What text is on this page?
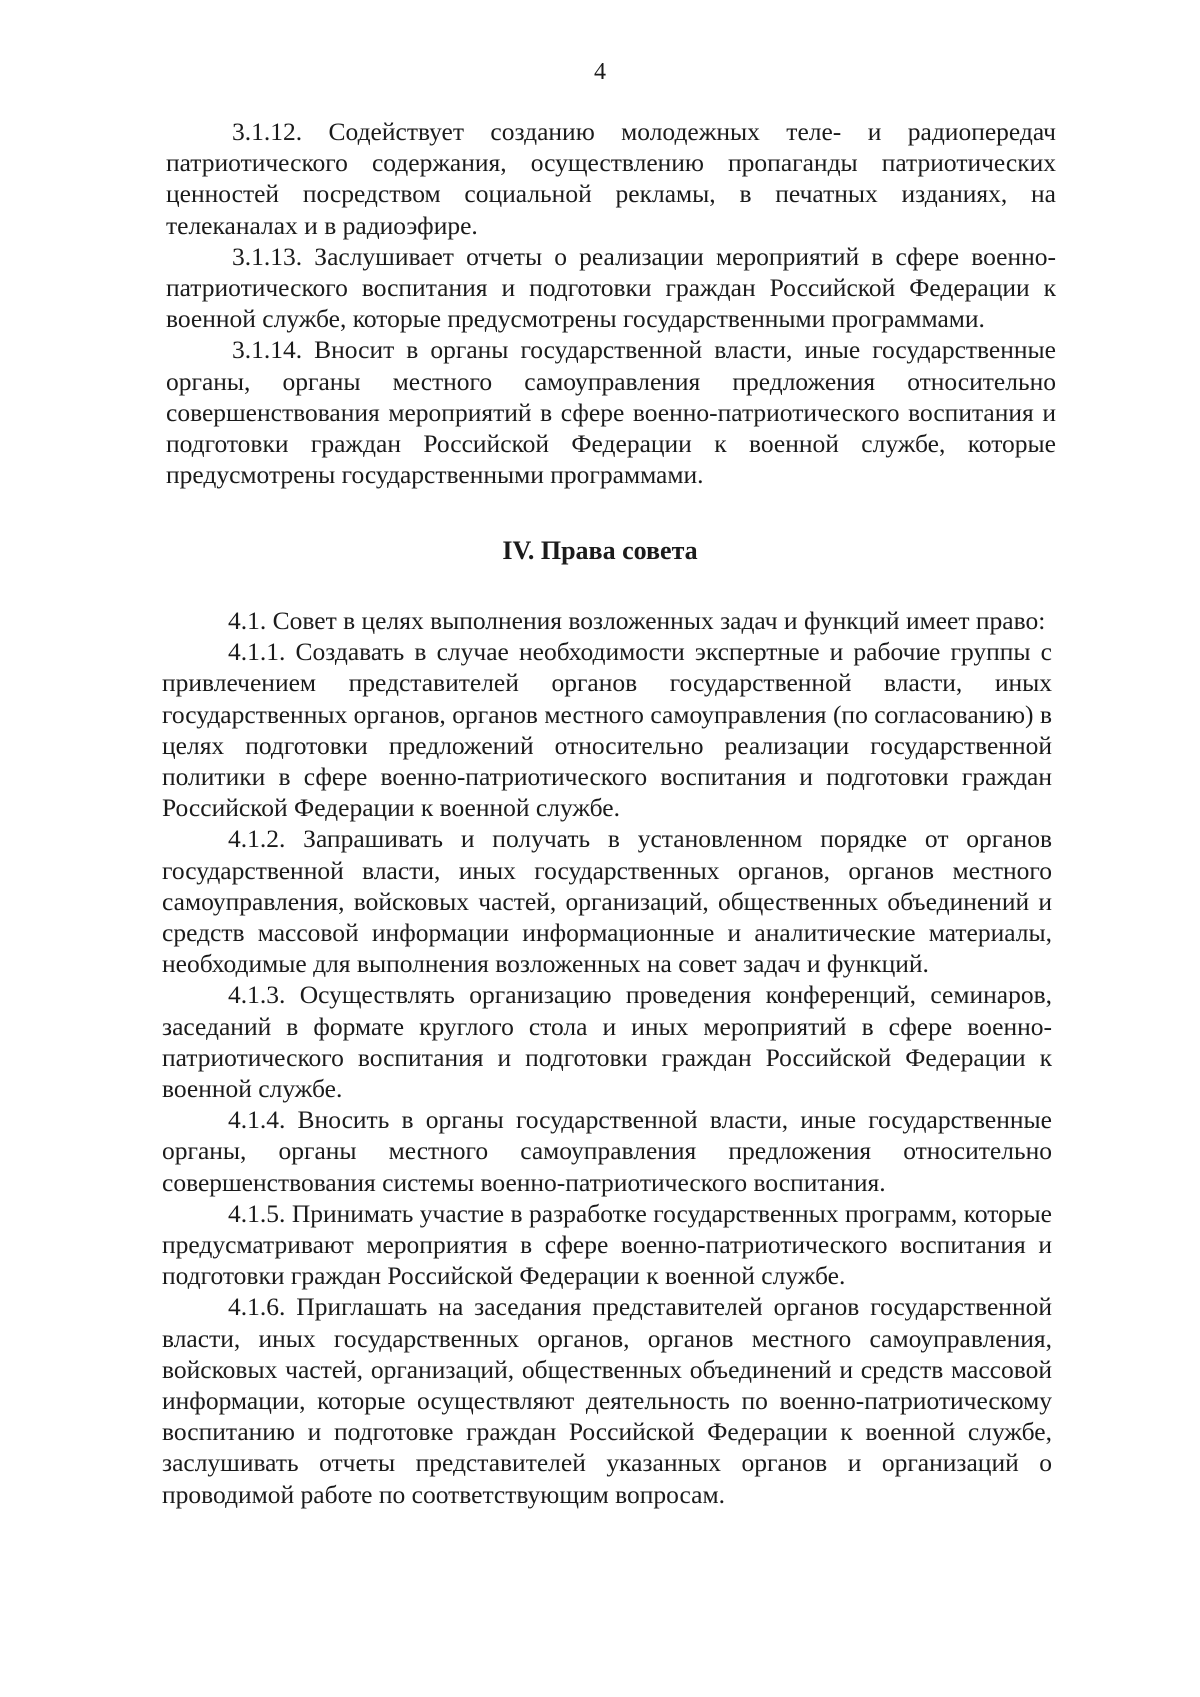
4

3.1.12. Содействует созданию молодежных теле- и радиопередач патриотического содержания, осуществлению пропаганды патриотических ценностей посредством социальной рекламы, в печатных изданиях, на телеканалах и в радиоэфире.

3.1.13. Заслушивает отчеты о реализации мероприятий в сфере военно-патриотического воспитания и подготовки граждан Российской Федерации к военной службе, которые предусмотрены государственными программами.

3.1.14. Вносит в органы государственной власти, иные государственные органы, органы местного самоуправления предложения относительно совершенствования мероприятий в сфере военно-патриотического воспитания и подготовки граждан Российской Федерации к военной службе, которые предусмотрены государственными программами.

IV. Права совета

4.1. Совет в целях выполнения возложенных задач и функций имеет право:

4.1.1. Создавать в случае необходимости экспертные и рабочие группы с привлечением представителей органов государственной власти, иных государственных органов, органов местного самоуправления (по согласованию) в целях подготовки предложений относительно реализации государственной политики в сфере военно-патриотического воспитания и подготовки граждан Российской Федерации к военной службе.

4.1.2. Запрашивать и получать в установленном порядке от органов государственной власти, иных государственных органов, органов местного самоуправления, войсковых частей, организаций, общественных объединений и средств массовой информации информационные и аналитические материалы, необходимые для выполнения возложенных на совет задач и функций.

4.1.3. Осуществлять организацию проведения конференций, семинаров, заседаний в формате круглого стола и иных мероприятий в сфере военно-патриотического воспитания и подготовки граждан Российской Федерации к военной службе.

4.1.4. Вносить в органы государственной власти, иные государственные органы, органы местного самоуправления предложения относительно совершенствования системы военно-патриотического воспитания.

4.1.5. Принимать участие в разработке государственных программ, которые предусматривают мероприятия в сфере военно-патриотического воспитания и подготовки граждан Российской Федерации к военной службе.

4.1.6. Приглашать на заседания представителей органов государственной власти, иных государственных органов, органов местного самоуправления, войсковых частей, организаций, общественных объединений и средств массовой информации, которые осуществляют деятельность по военно-патриотическому воспитанию и подготовке граждан Российской Федерации к военной службе, заслушивать отчеты представителей указанных органов и организаций о проводимой работе по соответствующим вопросам.
